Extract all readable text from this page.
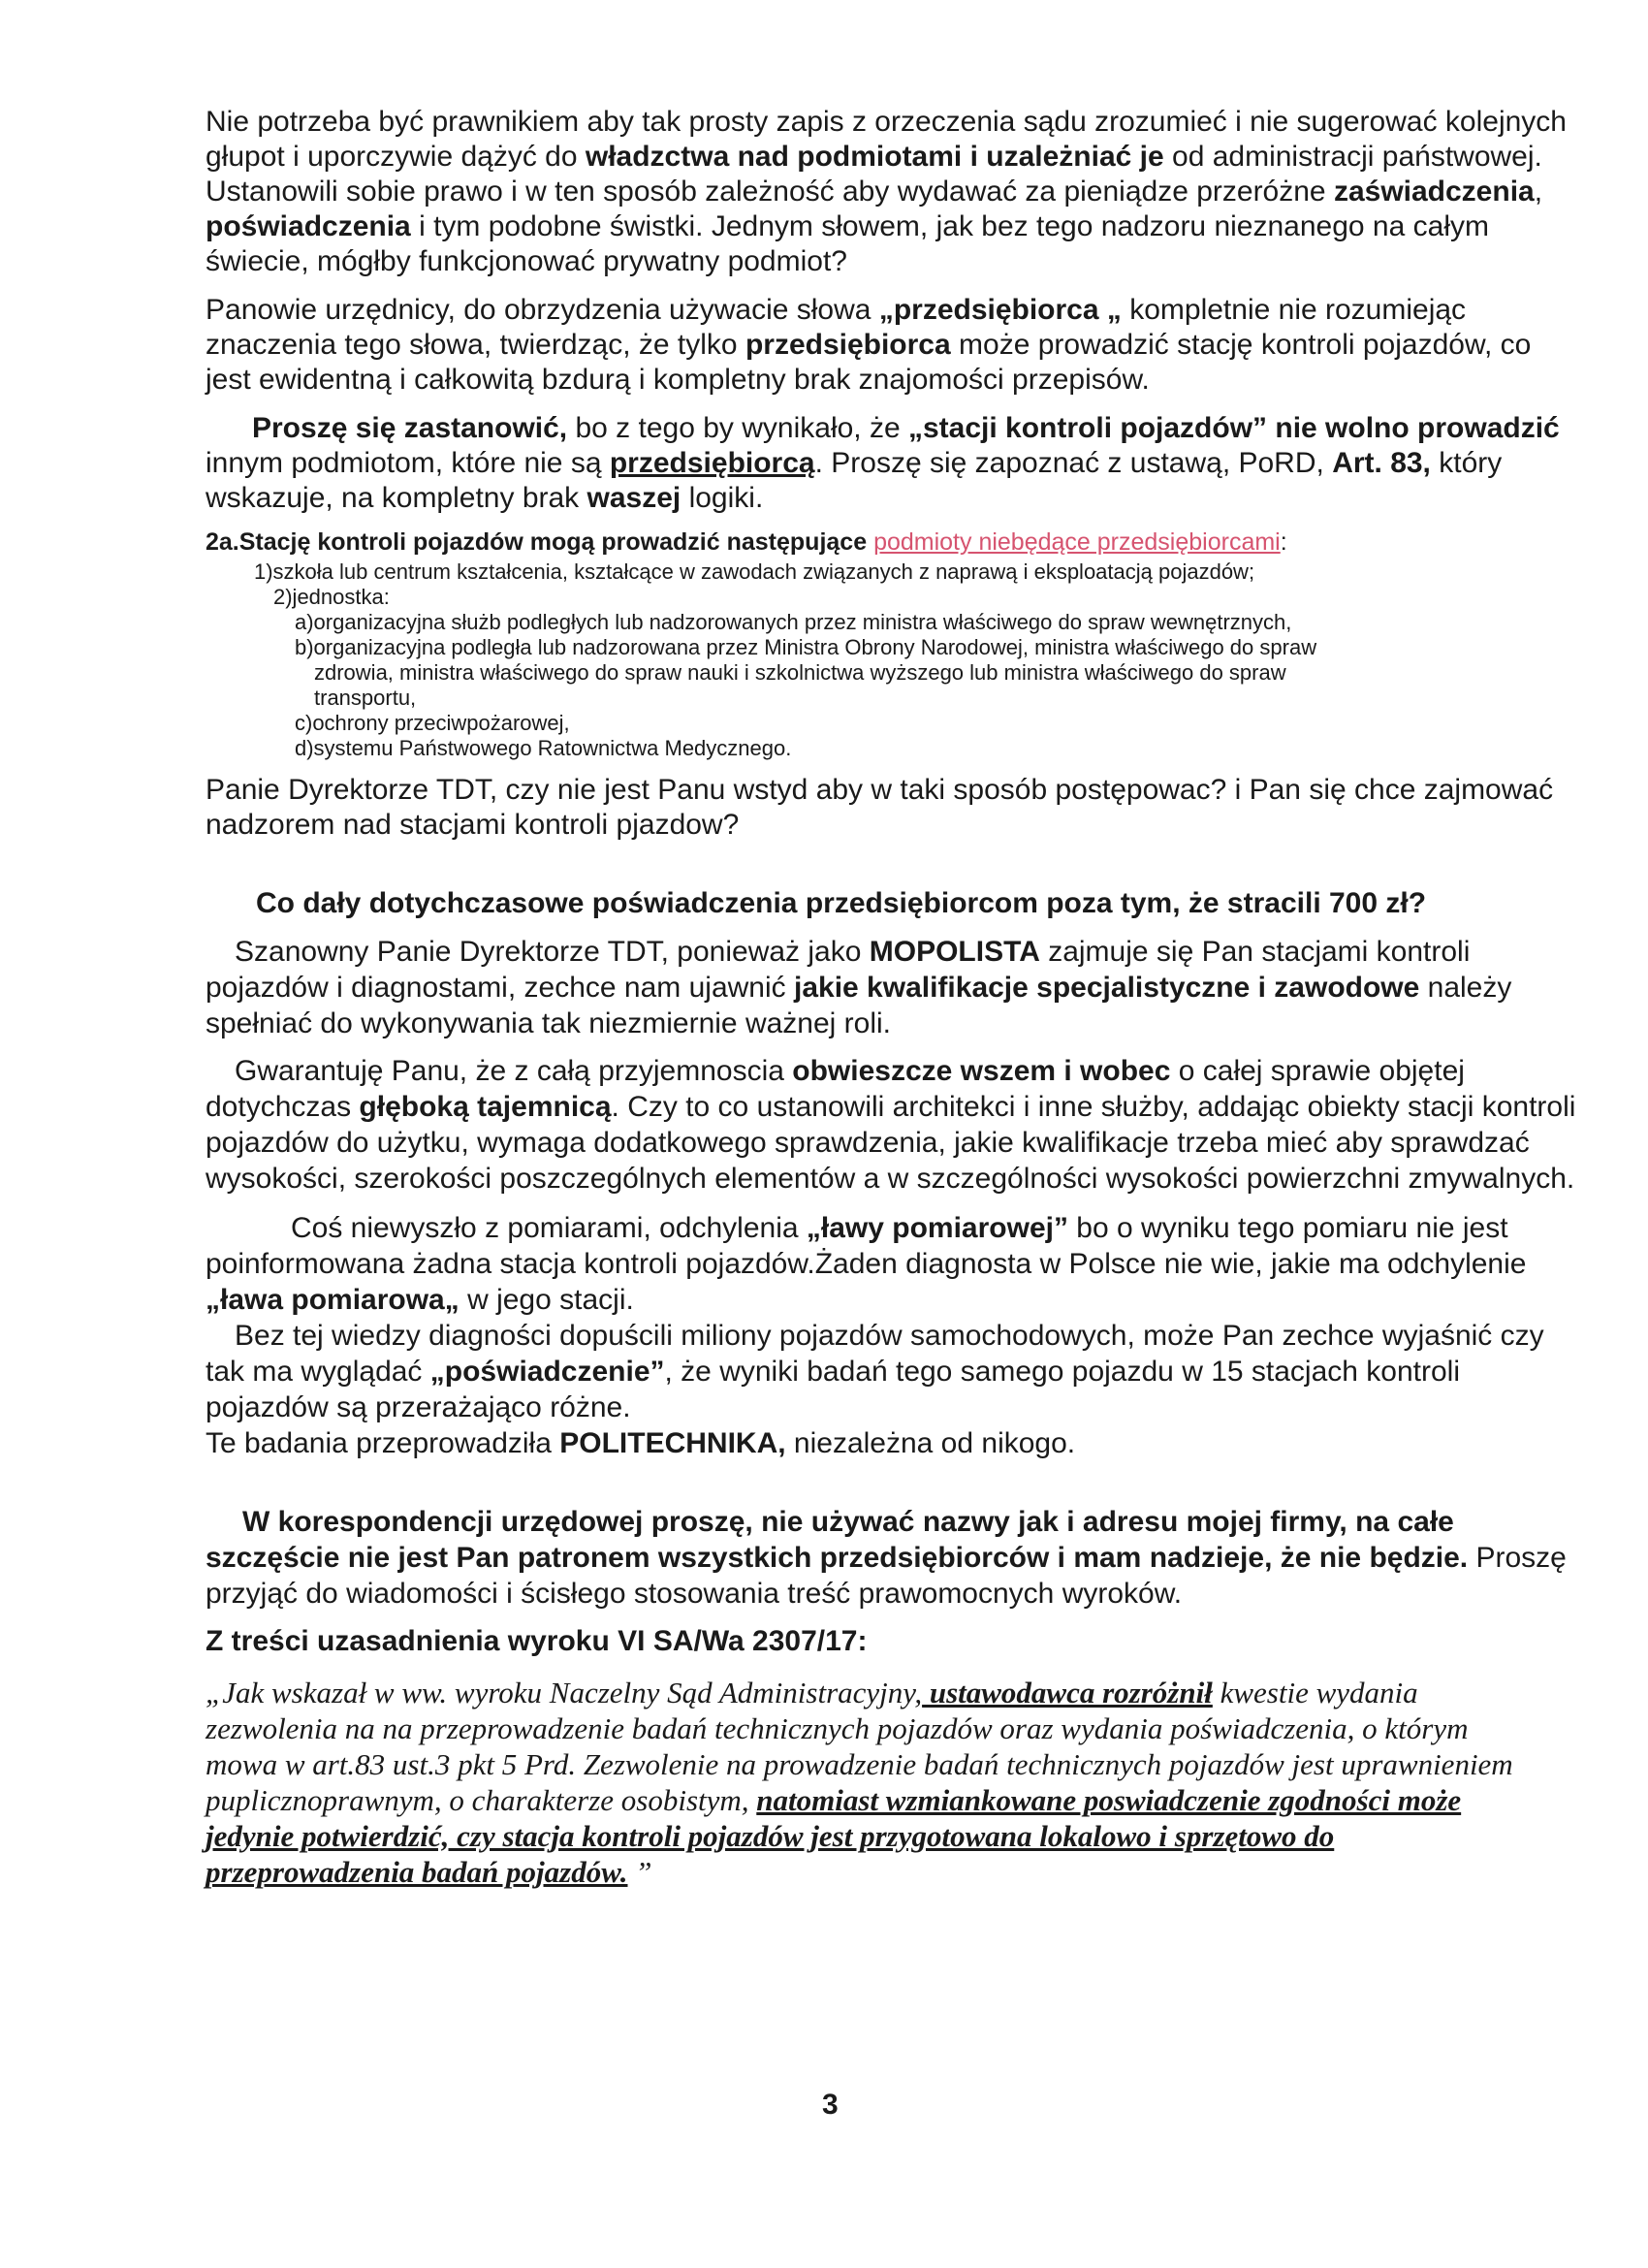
Nie potrzeba być prawnikiem aby tak prosty zapis z orzeczenia sądu zrozumieć i nie sugerować kolejnych głupot i uporczywie dążyć do władzctwa nad podmiotami i uzależniać je od administracji państwowej. Ustanowili sobie prawo i w ten sposób zależność aby wydawać za pieniądze przeróżne zaświadczenia, poświadczenia i tym podobne świstki. Jednym słowem, jak bez tego nadzoru nieznanego na całym świecie, mógłby funkcjonować prywatny podmiot?

Panowie urzędnicy, do obrzydzenia używacie słowa „przedsiębiorca „ kompletnie nie rozumiejąc znaczenia tego słowa, twierdząc, że tylko przedsiębiorca może prowadzić stację kontroli pojazdów, co jest ewidentną i całkowitą bzdurą i kompletny brak znajomości przepisów.

Proszę się zastanowić, bo z tego by wynikało, że „stacji kontroli pojazdów” nie wolno prowadzić innym podmiotom, które nie są przedsiębiorcą. Proszę się zapoznać z ustawą, PoRD, Art. 83, który wskazuje, na kompletny brak waszej logiki.

2a.Stację kontroli pojazdów mogą prowadzić następujące podmioty niebędące przedsiębiorcami:

1)szkoła lub centrum kształcenia, kształcące w zawodach związanych z naprawą i eksploatacją pojazdów;

2)jednostka:

a)organizacyjna służb podległych lub nadzorowanych przez ministra właściwego do spraw wewnętrznych,

b)organizacyjna podległa lub nadzorowana przez Ministra Obrony Narodowej, ministra właściwego do spraw

zdrowia, ministra właściwego do spraw nauki i szkolnictwa wyższego lub ministra właściwego do spraw

transportu,

c)ochrony przeciwpożarowej,

d)systemu Państwowego Ratownictwa Medycznego.

Panie Dyrektorze TDT, czy nie jest Panu wstyd aby w taki sposób postępowac? i Pan się chce zajmować nadzorem nad stacjami kontroli pjazdow?

Co dały dotychczasowe poświadczenia przedsiębiorcom poza tym, że stracili 700 zł?

Szanowny Panie Dyrektorze TDT, ponieważ jako MOPOLISTA zajmuje się Pan stacjami kontroli pojazdów i diagnostami, zechce nam ujawnić jakie kwalifikacje specjalistyczne i zawodowe należy spełniać do wykonywania tak niezmiernie ważnej roli.

Gwarantuję Panu, że z całą przyjemnoscia obwieszcze wszem i wobec o całej sprawie objętej dotychczas głęboką tajemnicą. Czy to co ustanowili architekci i inne służby, addając obiekty stacji kontroli pojazdów do użytku, wymaga dodatkowego sprawdzenia, jakie kwalifikacje trzeba mieć aby sprawdzać wysokości, szerokości poszczególnych elementów a w szczególności wysokości powierzchni zmywalnych.

Coś niewyszło z pomiarami, odchylenia „ławy pomiarowej” bo o wyniku tego pomiaru nie jest poinformowana żadna stacja kontroli pojazdów.Żaden diagnosta w Polsce nie wie, jakie ma odchylenie „ława pomiarowa„ w jego stacji.

Bez tej wiedzy diagności dopuścili miliony pojazdów samochodowych, może Pan zechce wyjaśnić czy tak ma wyglądać „poświadczenie”, że wyniki badań tego samego pojazdu w 15 stacjach kontroli pojazdów są przerażająco różne.

Te badania przeprowadziła POLITECHNIKA, niezależna od nikogo.

W korespondencji urzędowej proszę, nie używać nazwy jak i adresu mojej firmy, na całe szczęście nie jest Pan patronem wszystkich przedsiębiorców i mam nadzieje, że nie będzie. Proszę przyjąć do wiadomości i ścisłego stosowania treść prawomocnych wyroków.

Z treści uzasadnienia wyroku VI SA/Wa 2307/17:

„Jak wskazał w ww. wyroku Naczelny Sąd Administracyjny, ustawodawca rozróżnił kwestie wydania zezwolenia na na przeprowadzenie badań technicznych pojazdów oraz wydania poświadczenia, o którym mowa w art.83 ust.3 pkt 5 Prd. Zezwolenie na prowadzenie badań technicznych pojazdów jest uprawnieniem puplicznoprawnym, o charakterze osobistym, natomiast wzmiankowane poswiadczenie zgodności może jedynie potwierdzić, czy stacja kontroli pojazdów jest przygotowana lokalowo i sprzętowo do przeprowadzenia badań pojazdów. ”

3
